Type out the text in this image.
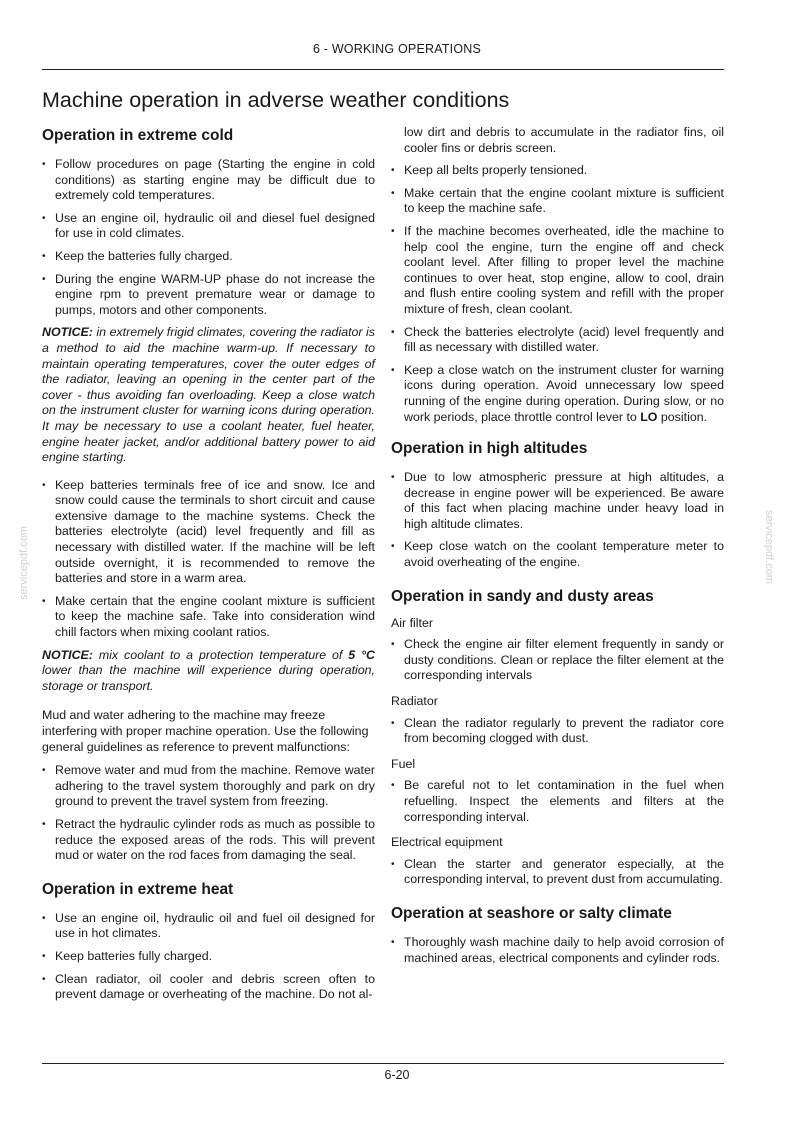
6 - WORKING OPERATIONS
Machine operation in adverse weather conditions
Operation in extreme cold
• Follow procedures on page (Starting the engine in cold conditions) as starting engine may be difficult due to extremely cold temperatures.
• Use an engine oil, hydraulic oil and diesel fuel designed for use in cold climates.
• Keep the batteries fully charged.
• During the engine WARM-UP phase do not increase the engine rpm to prevent premature wear or damage to pumps, motors and other components.

NOTICE: in extremely frigid climates, covering the radiator is a method to aid the machine warm-up. If necessary to maintain operating temperatures, cover the outer edges of the radiator, leaving an opening in the center part of the cover - thus avoiding fan overloading. Keep a close watch on the instrument cluster for warning icons during operation. It may be necessary to use a coolant heater, fuel heater, engine heater jacket, and/or additional battery power to aid engine starting.

• Keep batteries terminals free of ice and snow. Ice and snow could cause the terminals to short circuit and cause extensive damage to the machine systems. Check the batteries electrolyte (acid) level frequently and fill as necessary with distilled water. If the machine will be left outside overnight, it is recommended to remove the batteries and store in a warm area.
• Make certain that the engine coolant mixture is sufficient to keep the machine safe. Take into consideration wind chill factors when mixing coolant ratios.

NOTICE: mix coolant to a protection temperature of 5 °C lower than the machine will experience during operation, storage or transport.

Mud and water adhering to the machine may freeze interfering with proper machine operation. Use the following general guidelines as reference to prevent malfunctions:

• Remove water and mud from the machine. Remove water adhering to the travel system thoroughly and park on dry ground to prevent the travel system from freezing.
• Retract the hydraulic cylinder rods as much as possible to reduce the exposed areas of the rods. This will prevent mud or water on the rod faces from damaging the seal.
Operation in extreme heat
• Use an engine oil, hydraulic oil and fuel oil designed for use in hot climates.
• Keep batteries fully charged.
• Clean radiator, oil cooler and debris screen often to prevent damage or overheating of the machine. Do not al-
low dirt and debris to accumulate in the radiator fins, oil cooler fins or debris screen.
• Keep all belts properly tensioned.
• Make certain that the engine coolant mixture is sufficient to keep the machine safe.
• If the machine becomes overheated, idle the machine to help cool the engine, turn the engine off and check coolant level. After filling to proper level the machine continues to over heat, stop engine, allow to cool, drain and flush entire cooling system and refill with the proper mixture of fresh, clean coolant.
• Check the batteries electrolyte (acid) level frequently and fill as necessary with distilled water.
• Keep a close watch on the instrument cluster for warning icons during operation. Avoid unnecessary low speed running of the engine during operation. During slow, or no work periods, place throttle control lever to LO position.
Operation in high altitudes
• Due to low atmospheric pressure at high altitudes, a decrease in engine power will be experienced. Be aware of this fact when placing machine under heavy load in high altitude climates.
• Keep close watch on the coolant temperature meter to avoid overheating of the engine.
Operation in sandy and dusty areas

Air filter

• Check the engine air filter element frequently in sandy or dusty conditions. Clean or replace the filter element at the corresponding intervals

Radiator

• Clean the radiator regularly to prevent the radiator core from becoming clogged with dust.

Fuel

• Be careful not to let contamination in the fuel when refuelling. Inspect the elements and filters at the corresponding interval.

Electrical equipment

• Clean the starter and generator especially, at the corresponding interval, to prevent dust from accumulating.
Operation at seashore or salty climate
• Thoroughly wash machine daily to help avoid corrosion of machined areas, electrical components and cylinder rods.
servicepdf.com	servicepdf.com
6-20
